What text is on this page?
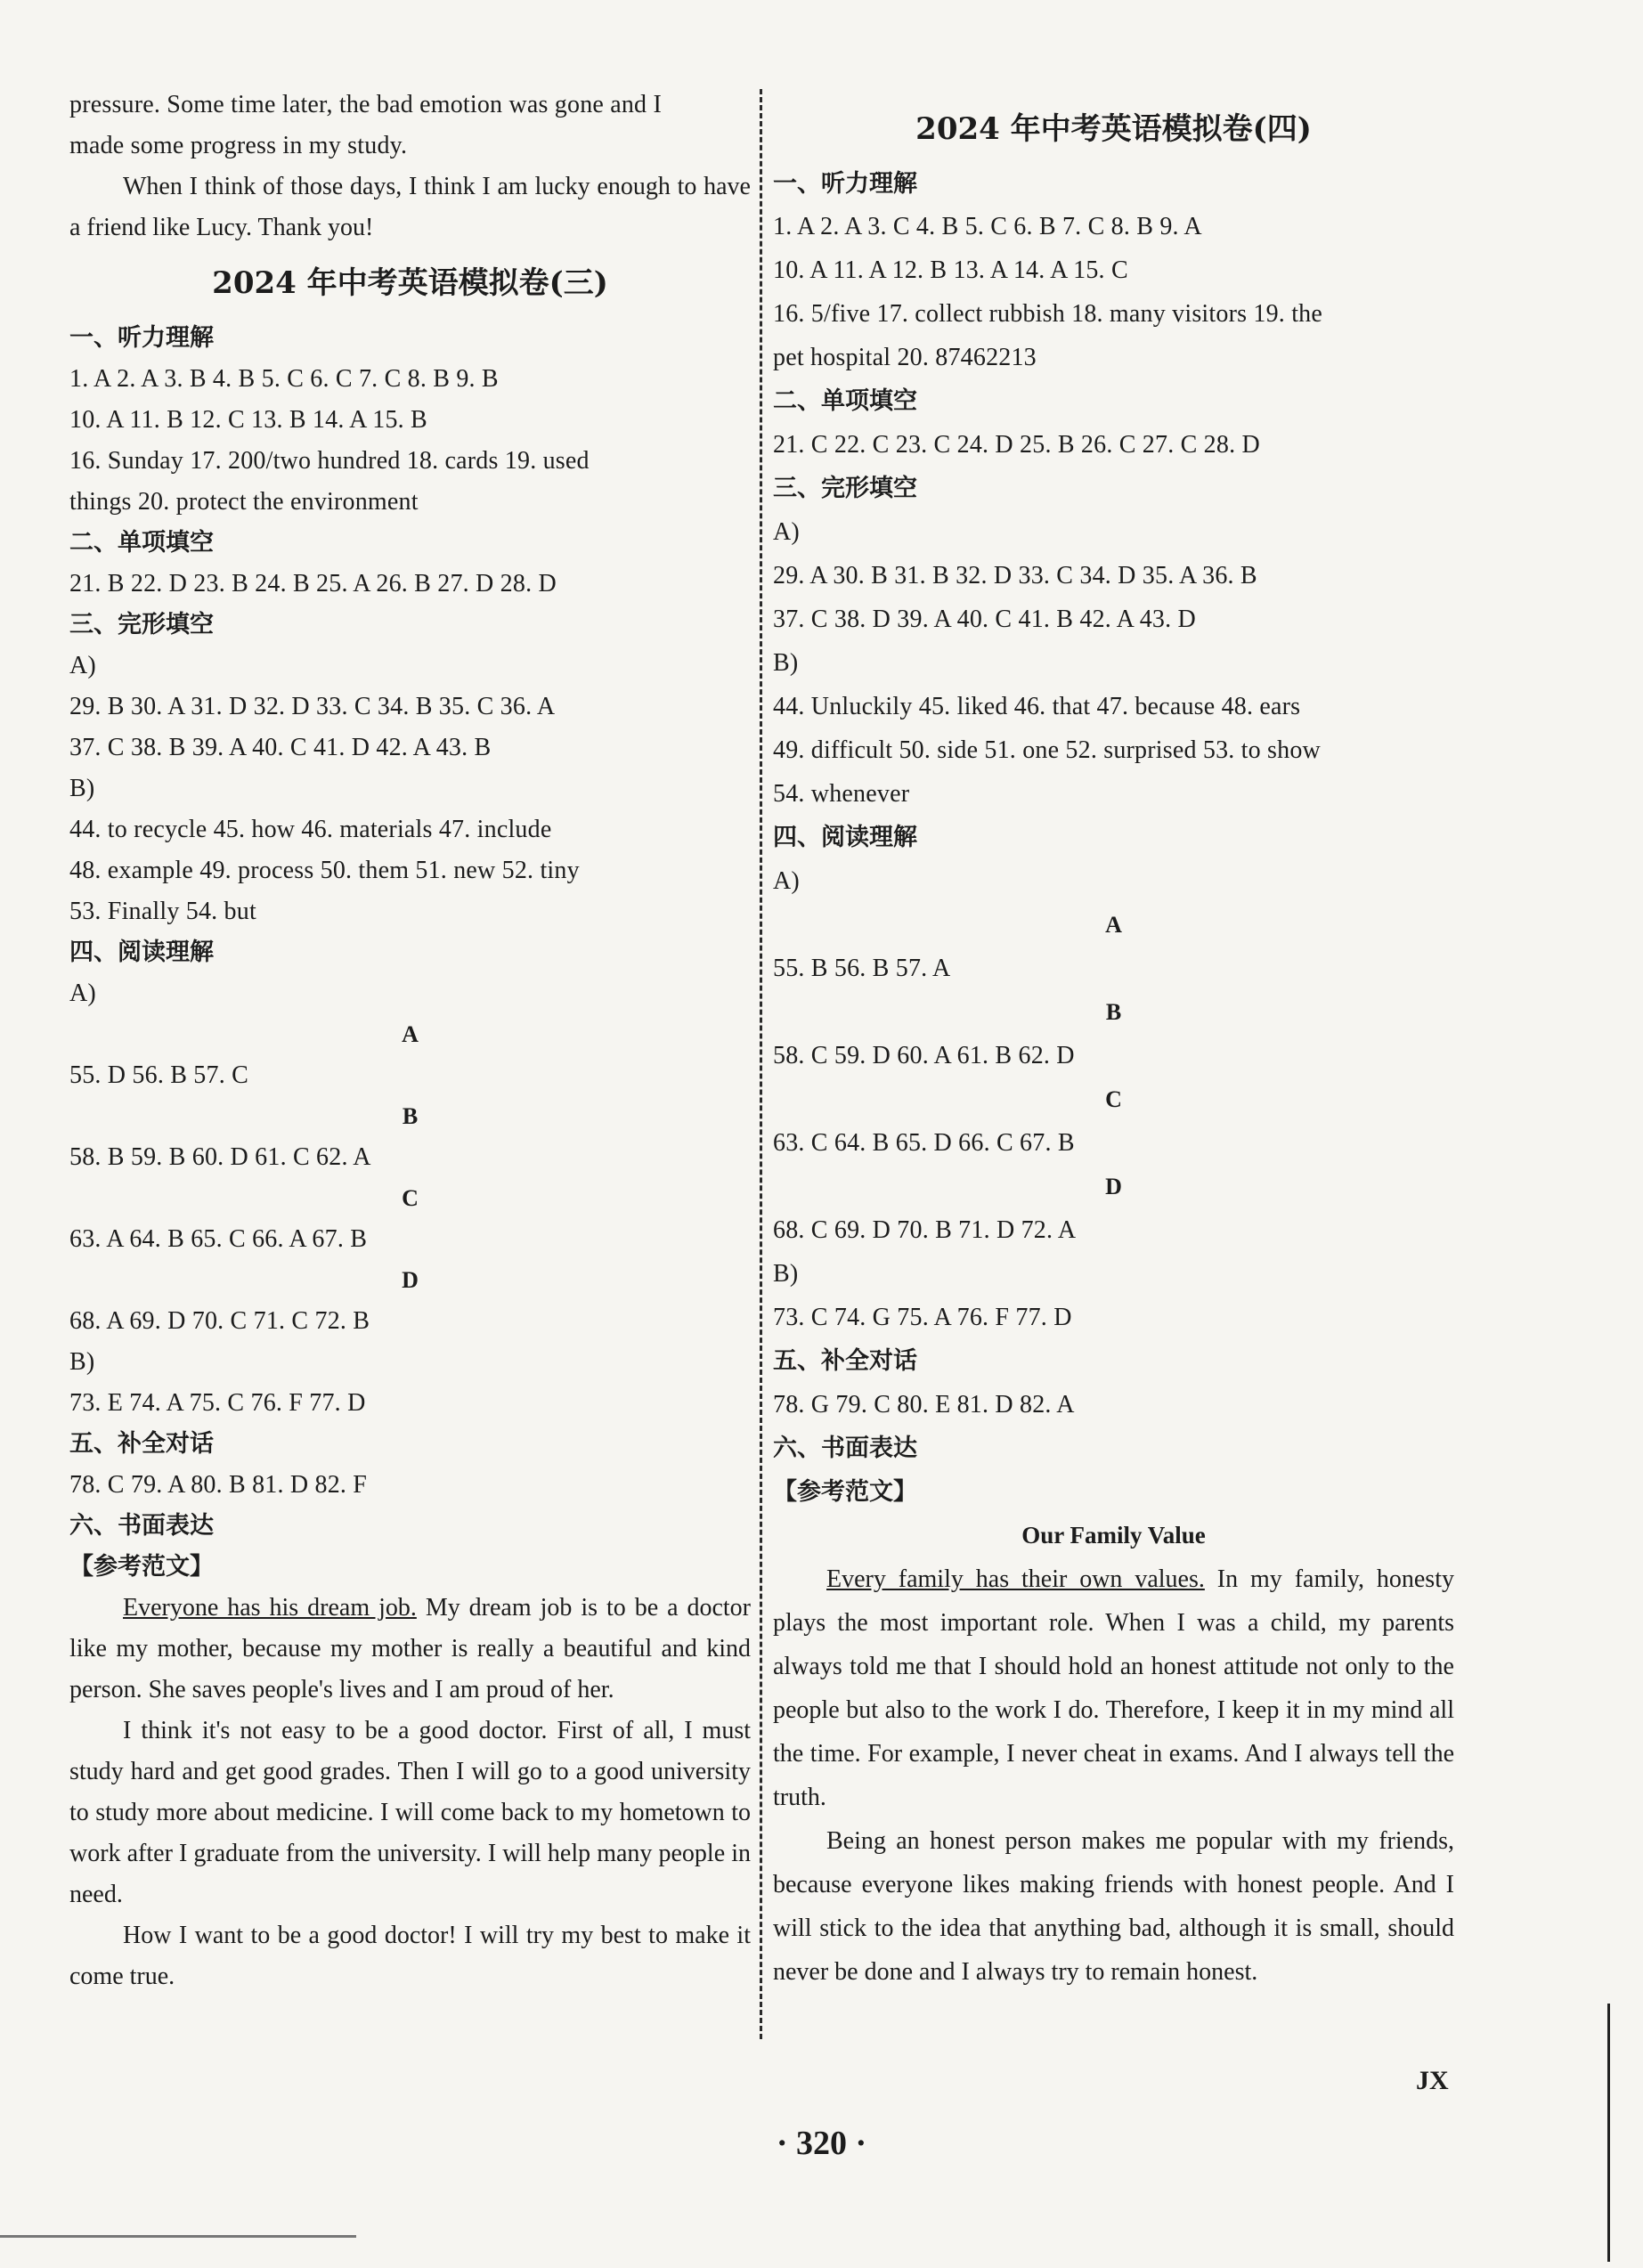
pressure. Some time later, the bad emotion was gone and I
made some progress in my study.
When I think of those days, I think I am lucky enough to have a friend like Lucy. Thank you!
2024 年中考英语模拟卷(三)
一、听力理解
1. A 2. A 3. B 4. B 5. C 6. C 7. C 8. B 9. B
10. A 11. B 12. C 13. B 14. A 15. B
16. Sunday 17. 200/two hundred 18. cards 19. used
things 20. protect the environment
二、单项填空
21. B 22. D 23. B 24. B 25. A 26. B 27. D 28. D
三、完形填空
A)
29. B 30. A 31. D 32. D 33. C 34. B 35. C 36. A
37. C 38. B 39. A 40. C 41. D 42. A 43. B
B)
44. to recycle 45. how 46. materials 47. include
48. example 49. process 50. them 51. new 52. tiny
53. Finally 54. but
四、阅读理解
A)
A
55. D 56. B 57. C
B
58. B 59. B 60. D 61. C 62. A
C
63. A 64. B 65. C 66. A 67. B
D
68. A 69. D 70. C 71. C 72. B
B)
73. E 74. A 75. C 76. F 77. D
五、补全对话
78. C 79. A 80. B 81. D 82. F
六、书面表达
【参考范文】
Everyone has his dream job. My dream job is to be a doctor like my mother, because my mother is really a beautiful and kind person. She saves people's lives and I am proud of her.
I think it's not easy to be a good doctor. First of all, I must study hard and get good grades. Then I will go to a good university to study more about medicine. I will come back to my hometown to work after I graduate from the university. I will help many people in need.
How I want to be a good doctor! I will try my best to make it come true.
2024 年中考英语模拟卷(四)
一、听力理解
1. A 2. A 3. C 4. B 5. C 6. B 7. C 8. B 9. A
10. A 11. A 12. B 13. A 14. A 15. C
16. 5/five 17. collect rubbish 18. many visitors 19. the
pet hospital 20. 87462213
二、单项填空
21. C 22. C 23. C 24. D 25. B 26. C 27. C 28. D
三、完形填空
A)
29. A 30. B 31. B 32. D 33. C 34. D 35. A 36. B
37. C 38. D 39. A 40. C 41. B 42. A 43. D
B)
44. Unluckily 45. liked 46. that 47. because 48. ears
49. difficult 50. side 51. one 52. surprised 53. to show
54. whenever
四、阅读理解
A)
A
55. B 56. B 57. A
B
58. C 59. D 60. A 61. B 62. D
C
63. C 64. B 65. D 66. C 67. B
D
68. C 69. D 70. B 71. D 72. A
B)
73. C 74. G 75. A 76. F 77. D
五、补全对话
78. G 79. C 80. E 81. D 82. A
六、书面表达
【参考范文】
Our Family Value
Every family has their own values. In my family, honesty plays the most important role. When I was a child, my parents always told me that I should hold an honest attitude not only to the people but also to the work I do. Therefore, I keep it in my mind all the time. For example, I never cheat in exams. And I always tell the truth.
Being an honest person makes me popular with my friends, because everyone likes making friends with honest people. And I will stick to the idea that anything bad, although it is small, should never be done and I always try to remain honest.
JX
· 320 ·
